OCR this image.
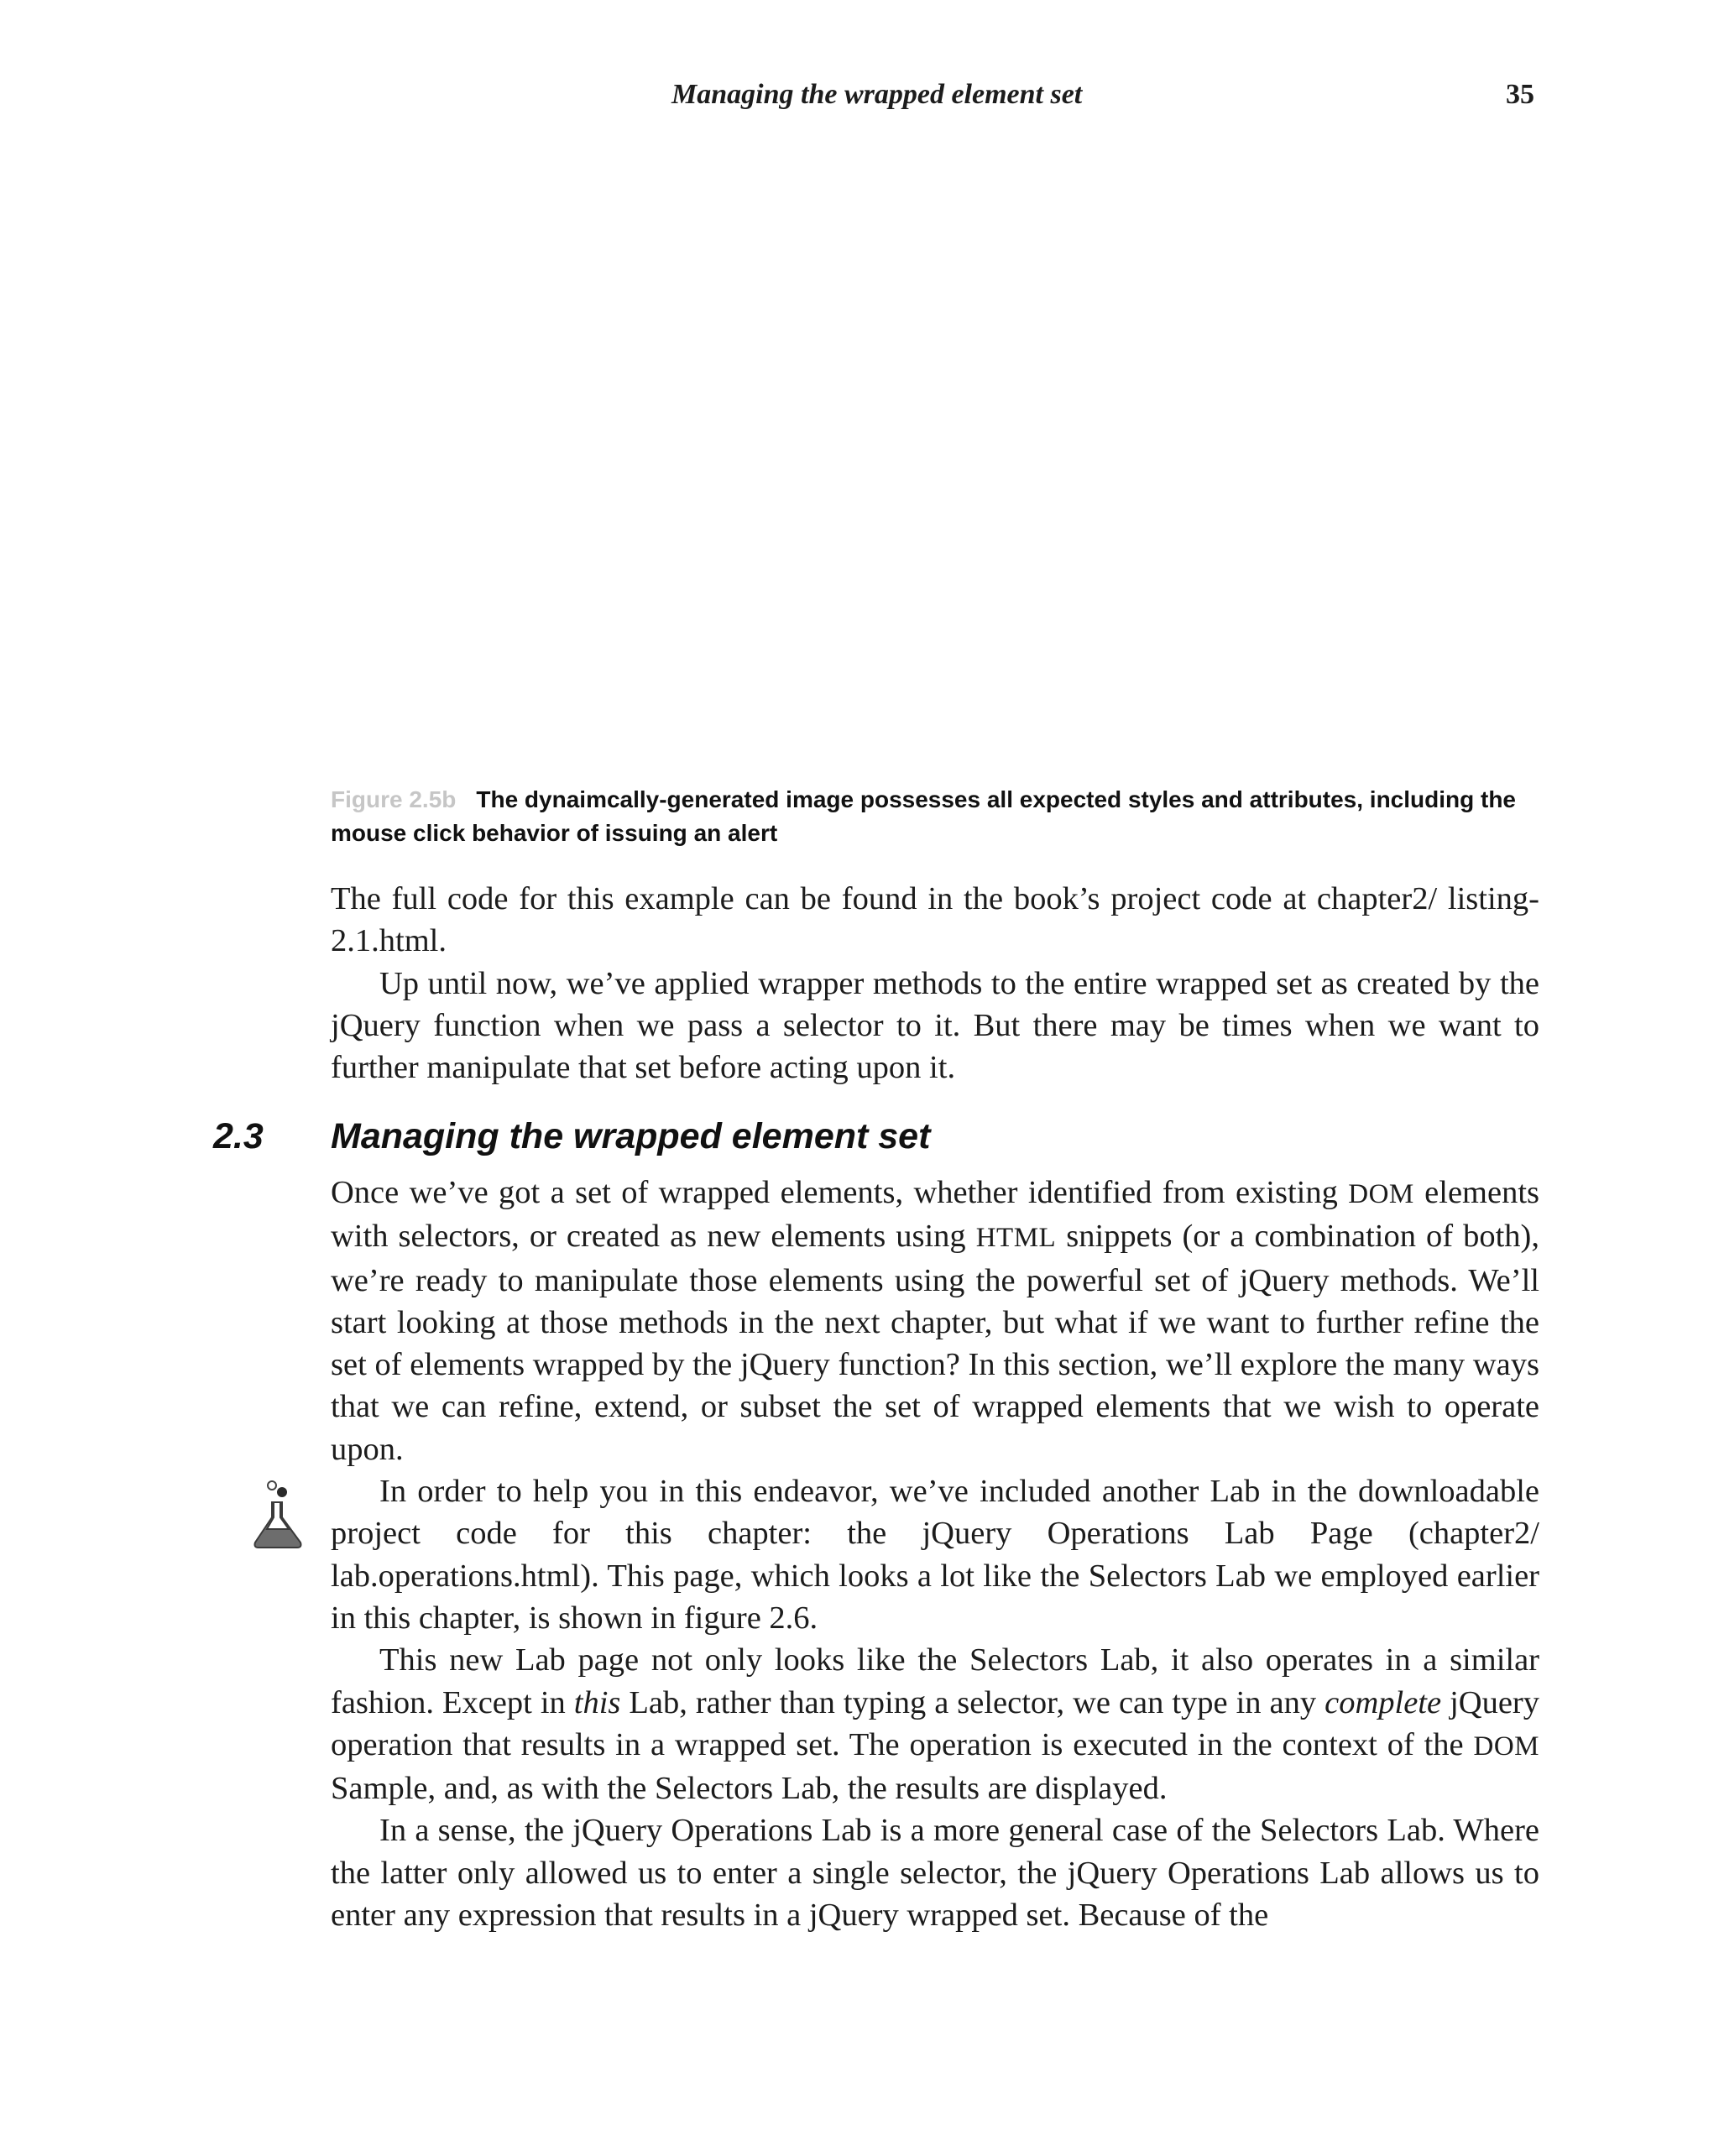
Managing the wrapped element set	35
Figure 2.5b The dynaimcally-generated image possesses all expected styles and attributes, including the mouse click behavior of issuing an alert

The full code for this example can be found in the book’s project code at chapter2/ listing-2.1.html.

Up until now, we’ve applied wrapper methods to the entire wrapped set as created by the jQuery function when we pass a selector to it. But there may be times when we want to further manipulate that set before acting upon it.

2.3 Managing the wrapped element set

Once we’ve got a set of wrapped elements, whether identified from existing DOM elements with selectors, or created as new elements using HTML snippets (or a combination of both), we’re ready to manipulate those elements using the powerful set of jQuery methods. We’ll start looking at those methods in the next chapter, but what if we want to further refine the set of elements wrapped by the jQuery function? In this section, we’ll explore the many ways that we can refine, extend, or subset the set of wrapped elements that we wish to operate upon.

In order to help you in this endeavor, we’ve included another Lab in the downloadable project code for this chapter: the jQuery Operations Lab Page (chapter2/ lab.operations.html). This page, which looks a lot like the Selectors Lab we employed earlier in this chapter, is shown in figure 2.6.

This new Lab page not only looks like the Selectors Lab, it also operates in a similar fashion. Except in this Lab, rather than typing a selector, we can type in any complete jQuery operation that results in a wrapped set. The operation is executed in the context of the DOM Sample, and, as with the Selectors Lab, the results are displayed.

In a sense, the jQuery Operations Lab is a more general case of the Selectors Lab. Where the latter only allowed us to enter a single selector, the jQuery Operations Lab allows us to enter any expression that results in a jQuery wrapped set. Because of the
